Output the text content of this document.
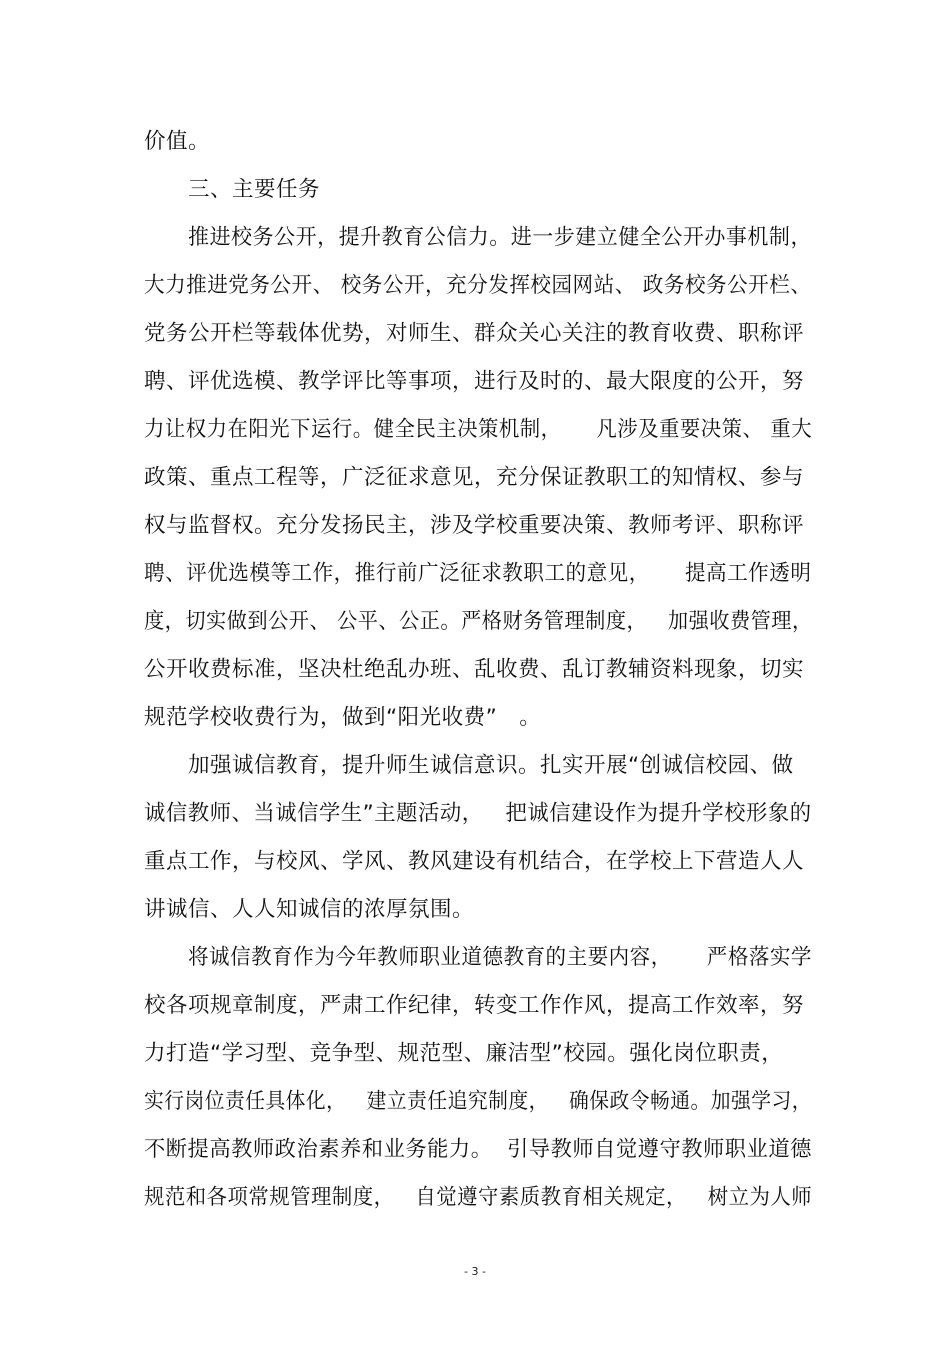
价值。
三、主要任务
推进校务公开，提升教育公信力。进一步建立健全公开办事机制，
大力推进党务公开、 校务公开，充分发挥校园网站、 政务校务公开栏、
党务公开栏等载体优势，对师生、群众关心关注的教育收费、职称评
聘、评优选模、教学评比等事项，进行及时的、最大限度的公开，努
力让权力在阳光下运行。健全民主决策机制，     凡涉及重要决策、 重大
政策、重点工程等，广泛征求意见，充分保证教职工的知情权、参与
权与监督权。充分发扬民主，涉及学校重要决策、教师考评、职称评
聘、评优选模等工作，推行前广泛征求教职工的意见，     提高工作透明
度，切实做到公开、 公平、公正。严格财务管理制度，   加强收费管理，
公开收费标准，坚决杜绝乱办班、乱收费、乱订教辅资料现象，切实
规范学校收费行为，做到“阳光收费”   。
加强诚信教育，提升师生诚信意识。扎实开展“创诚信校园、做
诚信教师、当诚信学生”主题活动，   把诚信建设作为提升学校形象的
重点工作，与校风、学风、教风建设有机结合，在学校上下营造人人
讲诚信、人人知诚信的浓厚氛围。
将诚信教育作为今年教师职业道德教育的主要内容，     严格落实学
校各项规章制度，严肃工作纪律，转变工作作风，提高工作效率，努
力打造“学习型、竞争型、规范型、廉洁型”校园。强化岗位职责，
实行岗位责任具体化，   建立责任追究制度，   确保政令畅通。加强学习，
不断提高教师政治素养和业务能力。  引导教师自觉遵守教师职业道德
规范和各项常规管理制度，   自觉遵守素质教育相关规定，   树立为人师
- 3 -
